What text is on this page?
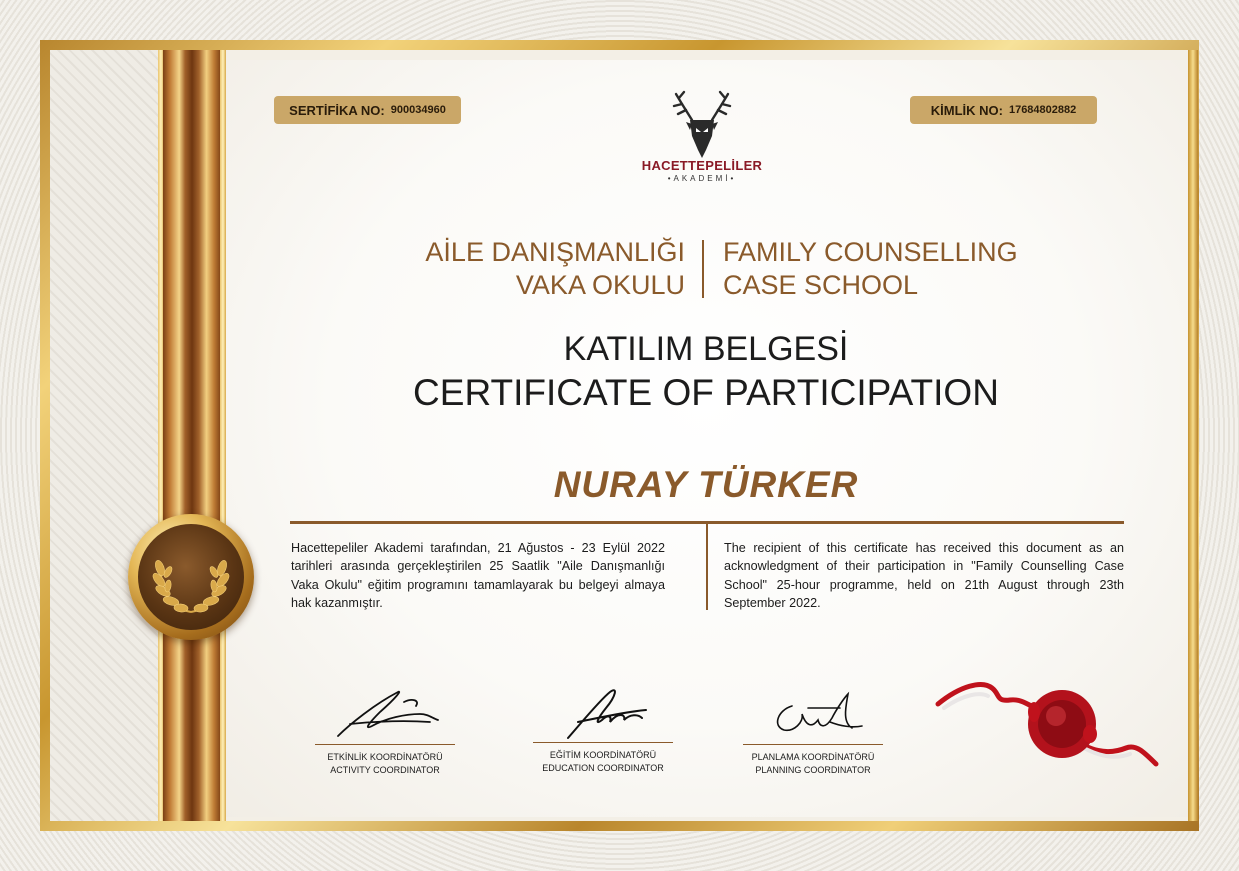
SERTİFİKA NO: 900034960	KİMLİK NO: 17684802882
HACETTEPELİLER
•AKADEMİ•
AİLE DANIŞMANLIĞI
VAKA OKULU
FAMILY COUNSELLING
CASE SCHOOL
KATILIM BELGESİ
CERTIFICATE OF PARTICIPATION
NURAY TÜRKER
Hacettepeliler Akademi tarafından, 21 Ağustos - 23 Eylül 2022 tarihleri arasında gerçekleştirilen 25 Saatlik "Aile Danışmanlığı Vaka Okulu" eğitim programını tamamlayarak bu belgeyi almaya hak kazanmıştır.
The recipient of this certificate has received this document as an acknowledgment of their participation in "Family Counselling Case School" 25-hour programme, held on 21th August through 23th September 2022.
ETKİNLİK KOORDİNATÖRÜ
ACTIVITY COORDINATOR
EĞİTİM KOORDİNATÖRÜ
EDUCATION COORDINATOR
PLANLAMA KOORDİNATÖRÜ
PLANNING COORDINATOR
